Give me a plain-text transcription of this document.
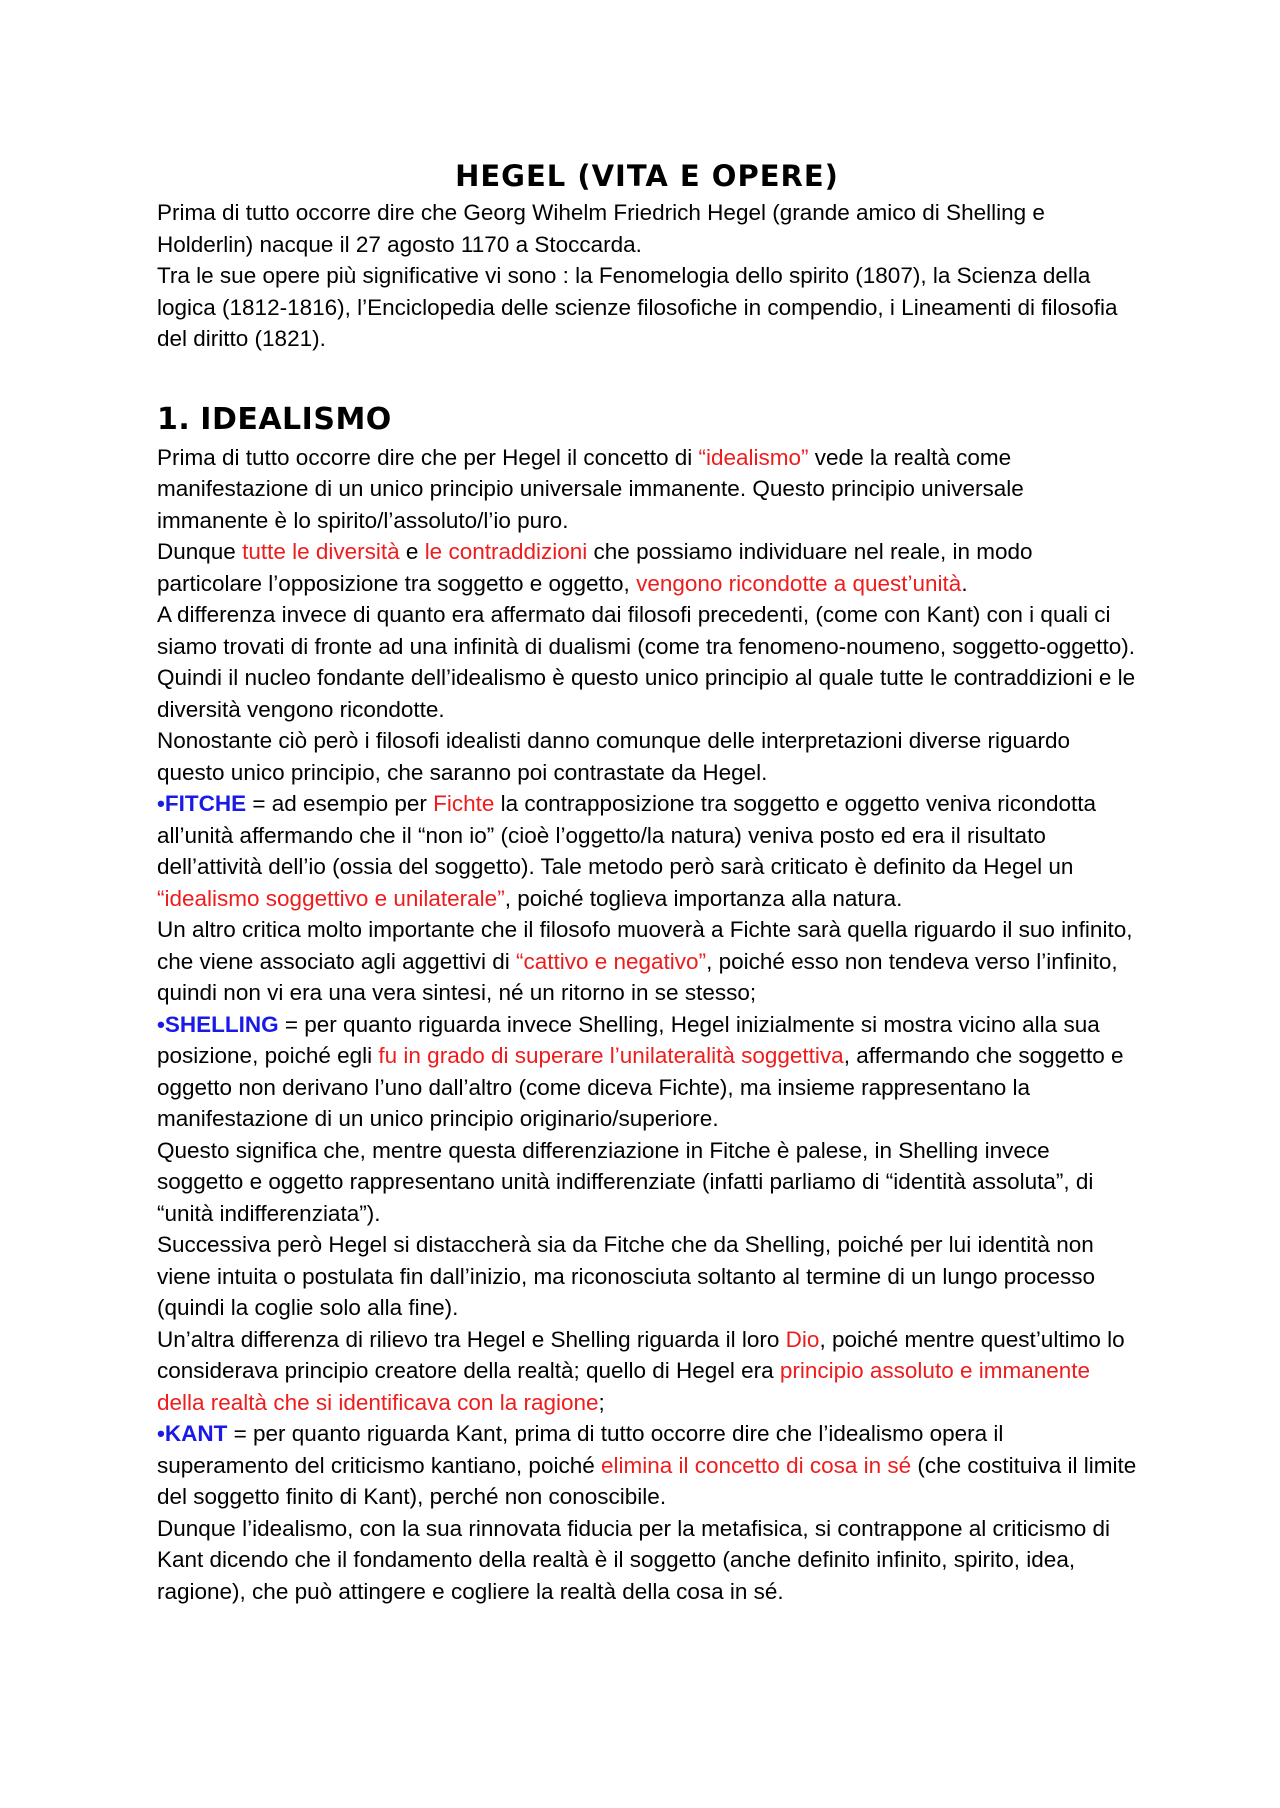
HEGEL (VITA E OPERE)

Prima di tutto occorre dire che Georg Wihelm Friedrich Hegel (grande amico di Shelling e Holderlin) nacque il 27 agosto 1170 a Stoccarda.

Tra le sue opere più significative vi sono : la Fenomelogia dello spirito (1807), la Scienza della logica (1812-1816), l’Enciclopedia delle scienze filosofiche in compendio, i Lineamenti di filosofia del diritto (1821).

1. IDEALISMO

Prima di tutto occorre dire che per Hegel il concetto di “idealismo” vede la realtà come manifestazione di un unico principio universale immanente. Questo principio universale immanente è lo spirito/l’assoluto/l’io puro.

Dunque tutte le diversità e le contraddizioni che possiamo individuare nel reale, in modo particolare l’opposizione tra soggetto e oggetto, vengono ricondotte a quest’unità.

A differenza invece di quanto era affermato dai filosofi precedenti, (come con Kant) con i quali ci siamo trovati di fronte ad una infinità di dualismi (come tra fenomeno-noumeno, soggetto-oggetto).

Quindi il nucleo fondante dell’idealismo è questo unico principio al quale tutte le contraddizioni e le diversità vengono ricondotte.

Nonostante ciò però i filosofi idealisti danno comunque delle interpretazioni diverse riguardo questo unico principio, che saranno poi contrastate da Hegel.

•FITCHE = ad esempio per Fichte la contrapposizione tra soggetto e oggetto veniva ricondotta all’unità affermando che il “non io” (cioè l’oggetto/la natura) veniva posto ed era il risultato dell’attività dell’io (ossia del soggetto). Tale metodo però sarà criticato è definito da Hegel un “idealismo soggettivo e unilaterale”, poiché toglieva importanza alla natura.

Un altro critica molto importante che il filosofo muoverà a Fichte sarà quella riguardo il suo infinito, che viene associato agli aggettivi di “cattivo e negativo”, poiché esso non tendeva verso l’infinito, quindi non vi era una vera sintesi, né un ritorno in se stesso;

•SHELLING = per quanto riguarda invece Shelling, Hegel inizialmente si mostra vicino alla sua posizione, poiché egli fu in grado di superare l’unilateralità soggettiva, affermando che soggetto e oggetto non derivano l’uno dall’altro (come diceva Fichte), ma insieme rappresentano la manifestazione di un unico principio originario/superiore.

Questo significa che, mentre questa differenziazione in Fitche è palese, in Shelling invece soggetto e oggetto rappresentano unità indifferenziate (infatti parliamo di “identità assoluta”, di “unità indifferenziata”).

Successiva però Hegel si distaccherà sia da Fitche che da Shelling, poiché per lui identità non viene intuita o postulata fin dall’inizio, ma riconosciuta soltanto al termine di un lungo processo (quindi la coglie solo alla fine).

Un’altra differenza di rilievo tra Hegel e Shelling riguarda il loro Dio, poiché mentre quest’ultimo lo considerava principio creatore della realtà; quello di Hegel era principio assoluto e immanente della realtà che si identificava con la ragione;

•KANT = per quanto riguarda Kant, prima di tutto occorre dire che l’idealismo opera il superamento del criticismo kantiano, poiché elimina il concetto di cosa in sé (che costituiva il limite del soggetto finito di Kant), perché non conoscibile.

Dunque l’idealismo, con la sua rinnovata fiducia per la metafisica, si contrappone al criticismo di Kant dicendo che il fondamento della realtà è il soggetto (anche definito infinito, spirito, idea, ragione), che può attingere e cogliere la realtà della cosa in sé.
